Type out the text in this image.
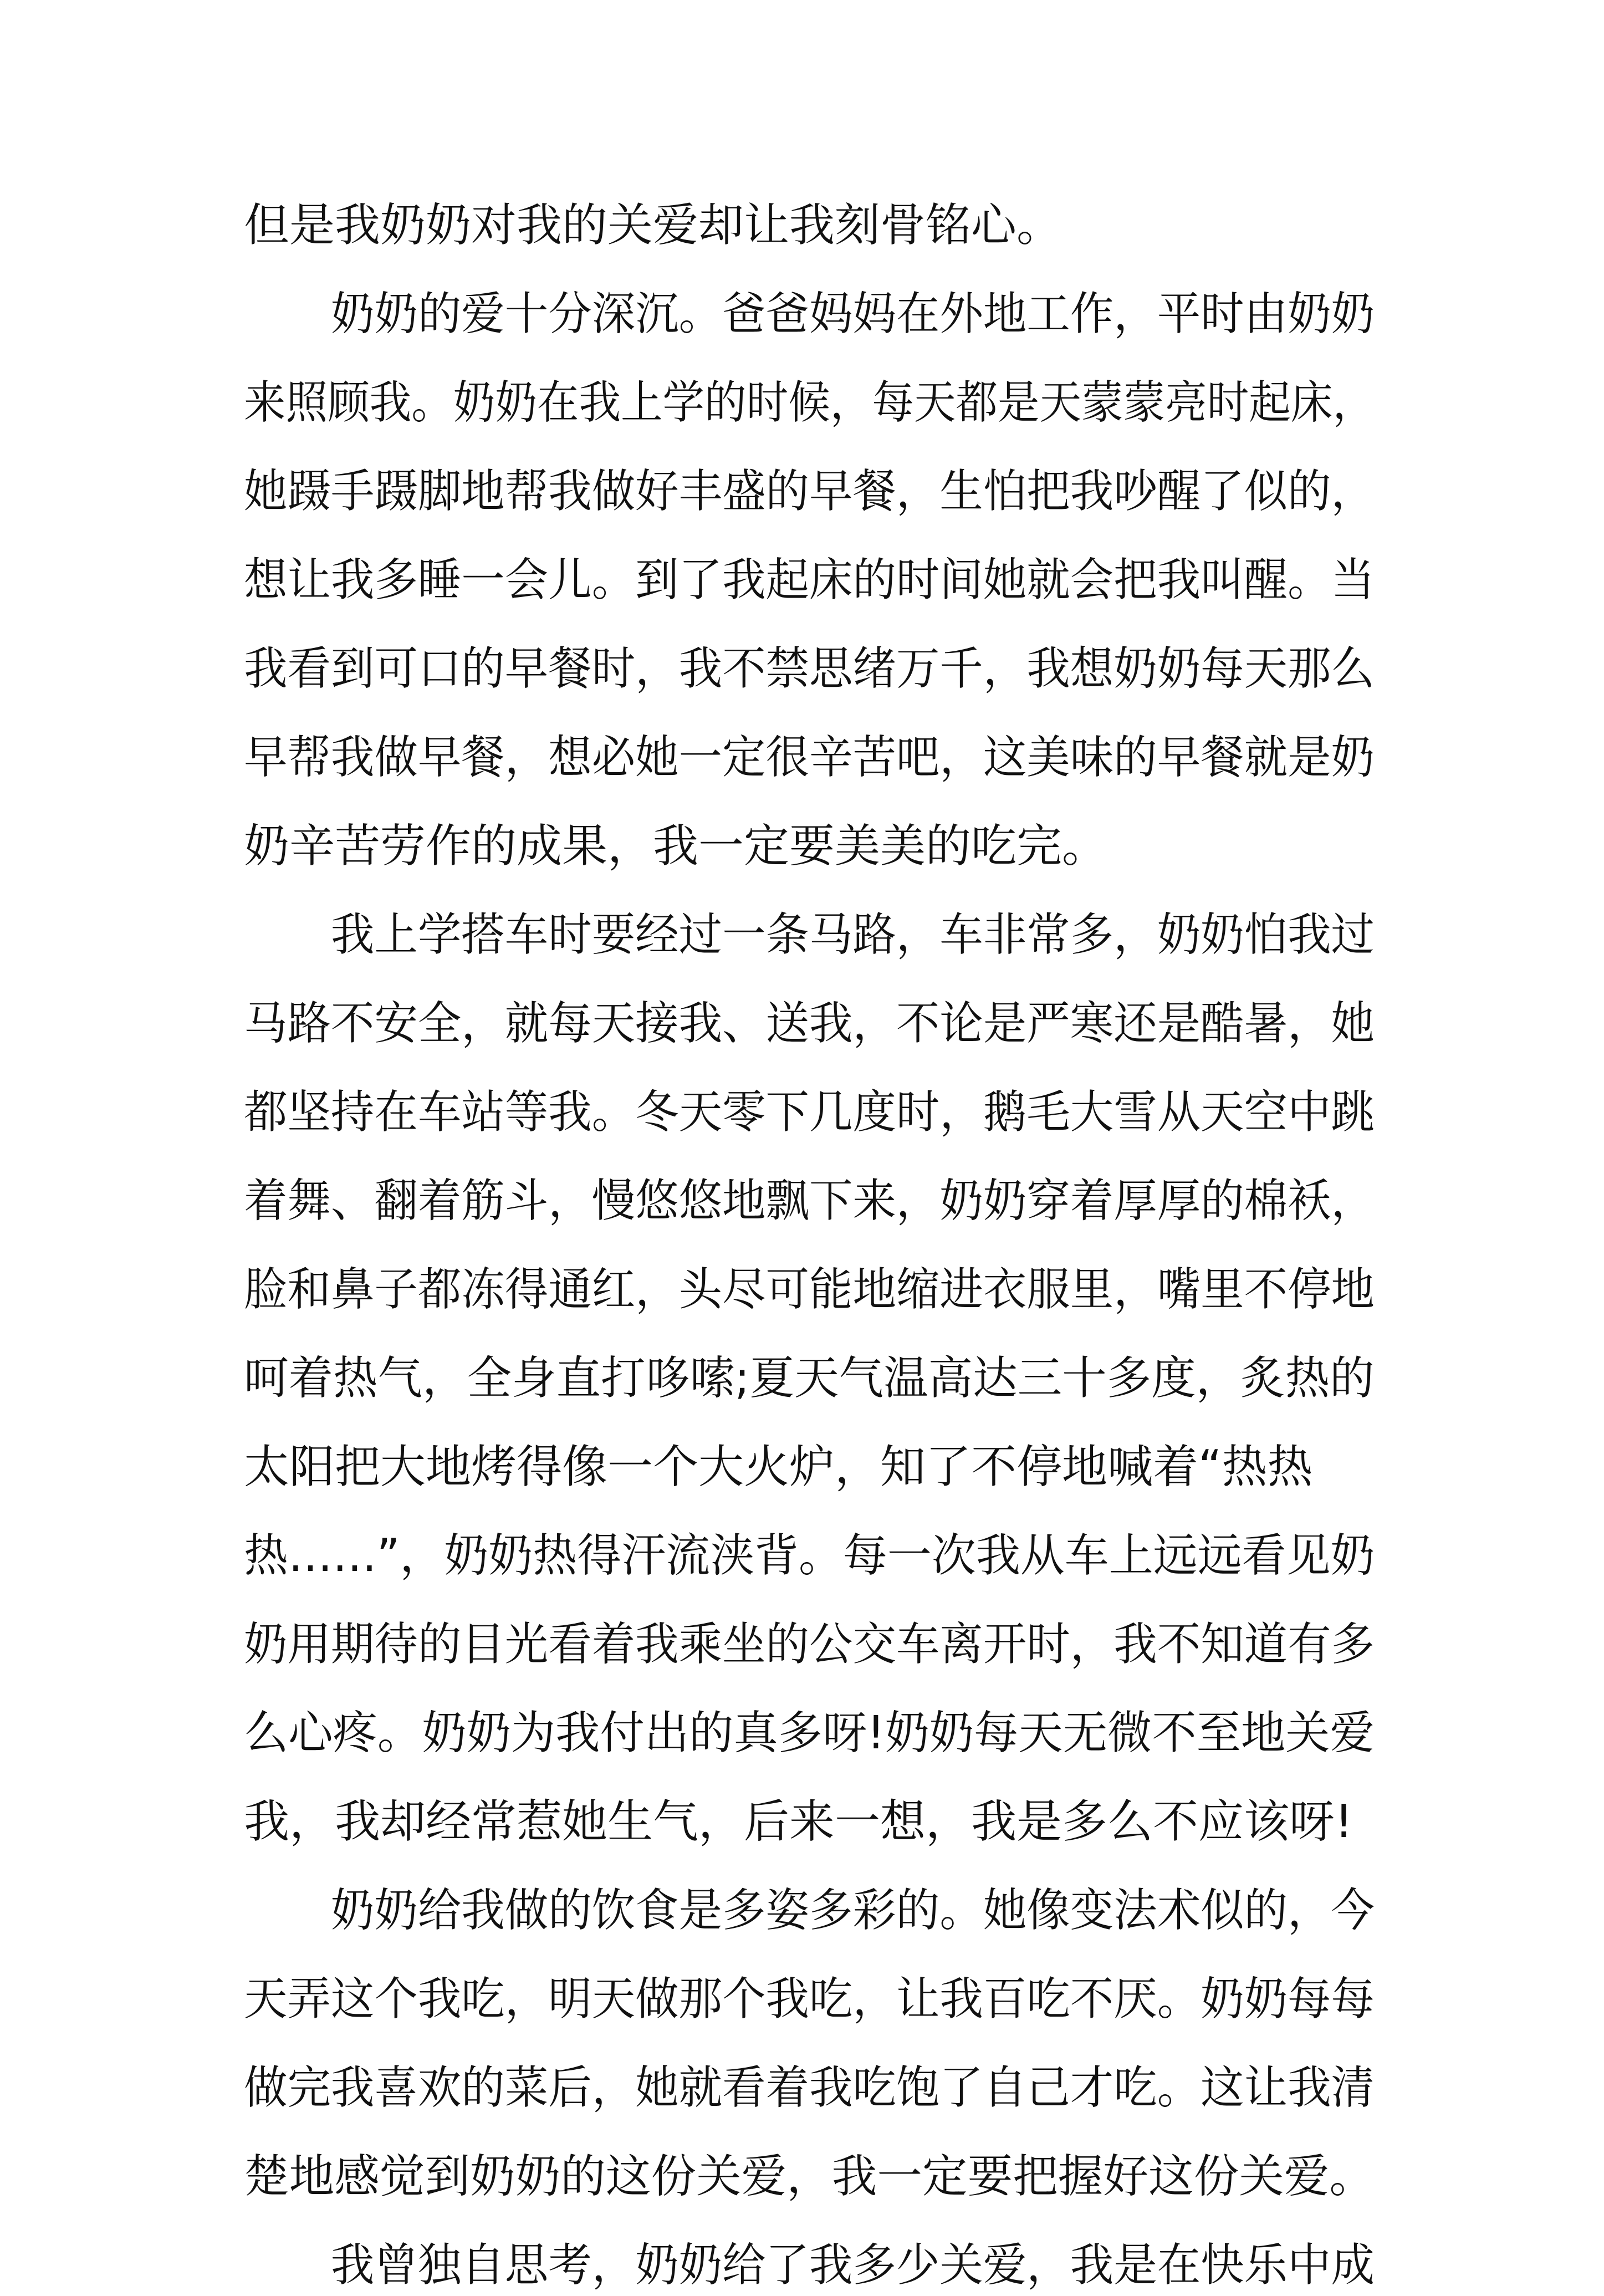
但是我奶奶对我的关爱却让我刻骨铭心。
　　奶奶的爱十分深沉。爸爸妈妈在外地工作，平时由奶奶
来照顾我。奶奶在我上学的时候，每天都是天蒙蒙亮时起床，
她蹑手蹑脚地帮我做好丰盛的早餐，生怕把我吵醒了似的，
想让我多睡一会儿。到了我起床的时间她就会把我叫醒。当
我看到可口的早餐时，我不禁思绪万千，我想奶奶每天那么
早帮我做早餐，想必她一定很辛苦吧，这美味的早餐就是奶
奶辛苦劳作的成果，我一定要美美的吃完。
　　我上学搭车时要经过一条马路，车非常多，奶奶怕我过
马路不安全，就每天接我、送我，不论是严寒还是酷暑，她
都坚持在车站等我。冬天零下几度时，鹅毛大雪从天空中跳
着舞、翻着筋斗，慢悠悠地飘下来，奶奶穿着厚厚的棉袄，
脸和鼻子都冻得通红，头尽可能地缩进衣服里，嘴里不停地
呵着热气，全身直打哆嗦;夏天气温高达三十多度，炙热的
太阳把大地烤得像一个大火炉，知了不停地喊着“热热
热……”，奶奶热得汗流浃背。每一次我从车上远远看见奶
奶用期待的目光看着我乘坐的公交车离开时，我不知道有多
么心疼。奶奶为我付出的真多呀!奶奶每天无微不至地关爱
我，我却经常惹她生气，后来一想，我是多么不应该呀!
　　奶奶给我做的饮食是多姿多彩的。她像变法术似的，今
天弄这个我吃，明天做那个我吃，让我百吃不厌。奶奶每每
做完我喜欢的菜后，她就看着我吃饱了自己才吃。这让我清
楚地感觉到奶奶的这份关爱，我一定要把握好这份关爱。
　　我曾独自思考，奶奶给了我多少关爱，我是在快乐中成
